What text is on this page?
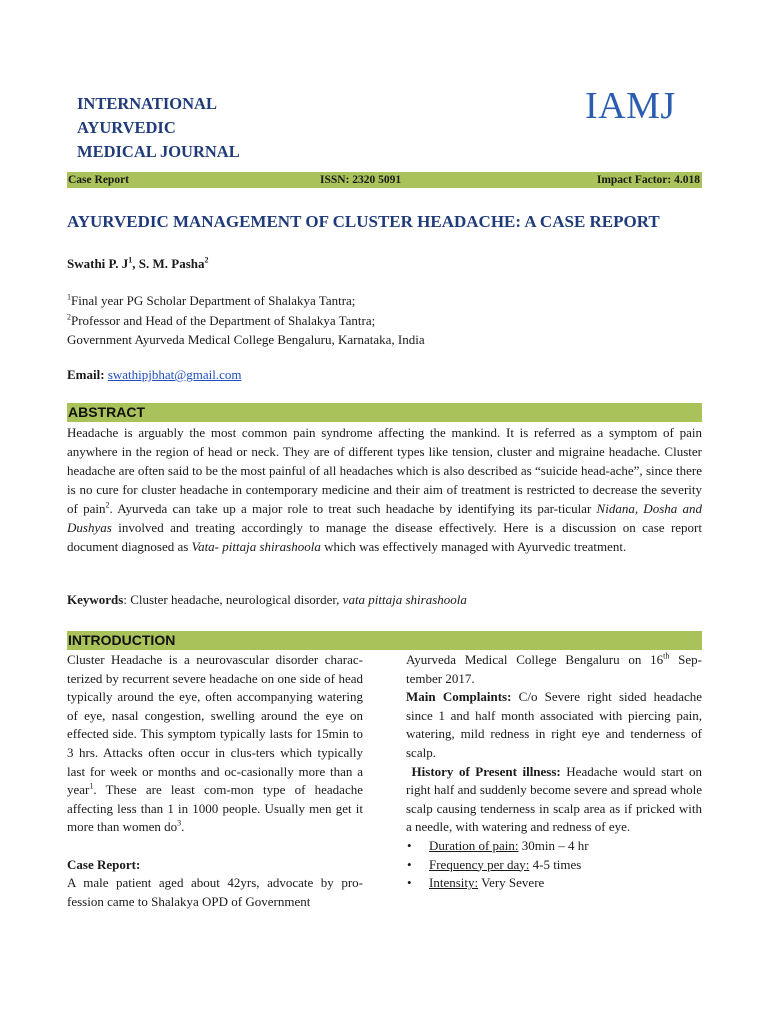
INTERNATIONAL
AYURVEDIC
MEDICAL JOURNAL
IAMJ
Case Report	ISSN: 2320 5091	Impact Factor: 4.018
AYURVEDIC MANAGEMENT OF CLUSTER HEADACHE: A CASE REPORT
Swathi P. $J^1$, S. M. Pasha$^2$
$^1$Final year PG Scholar Department of Shalakya Tantra;
$^2$Professor and Head of the Department of Shalakya Tantra;
Government Ayurveda Medical College Bengaluru, Karnataka, India
Email: swathipjbhat@gmail.com
ABSTRACT
Headache is arguably the most common pain syndrome affecting the mankind. It is referred as a symptom of pain anywhere in the region of head or neck. They are of different types like tension, cluster and migraine headache. Cluster headache are often said to be the most painful of all headaches which is also described as “suicide head-ache”, since there is no cure for cluster headache in contemporary medicine and their aim of treatment is restricted to decrease the severity of pain$^2$. Ayurveda can take up a major role to treat such headache by identifying its par-ticular Nidana, Dosha and Dushyas involved and treating accordingly to manage the disease effectively. Here is a discussion on case report document diagnosed as Vata- pittaja shirashoola which was effectively managed with Ayurvedic treatment.
Keywords: Cluster headache, neurological disorder, vata pittaja shirashoola
INTRODUCTION

Cluster Headache is a neurovascular disorder charac-terized by recurrent severe headache on one side of head typically around the eye, often accompanying watering of eye, nasal congestion, swelling around the eye on effected side. This symptom typically lasts for 15min to 3 hrs. Attacks often occur in clus-ters which typically last for week or months and oc-casionally more than a year$^1$. These are least com-mon type of headache affecting less than 1 in 1000 people. Usually men get it more than women $do^3$.

Case Report:

A male patient aged about 42yrs, advocate by pro-fession came to Shalakya OPD of Government

Ayurveda Medical College Bengaluru on 16th Sep-tember 2017.

Main Complaints: C/o Severe right sided headache since 1 and half month associated with piercing pain, watering, mild redness in right eye and tenderness of scalp.

History of Present illness: Headache would start on right half and suddenly become severe and spread whole scalp causing tenderness in scalp area as if pricked with a needle, with watering and redness of eye.

• Duration of pain: 30min – 4 hr
• Frequency per day: 4-5 times
• Intensity: Very Severe
